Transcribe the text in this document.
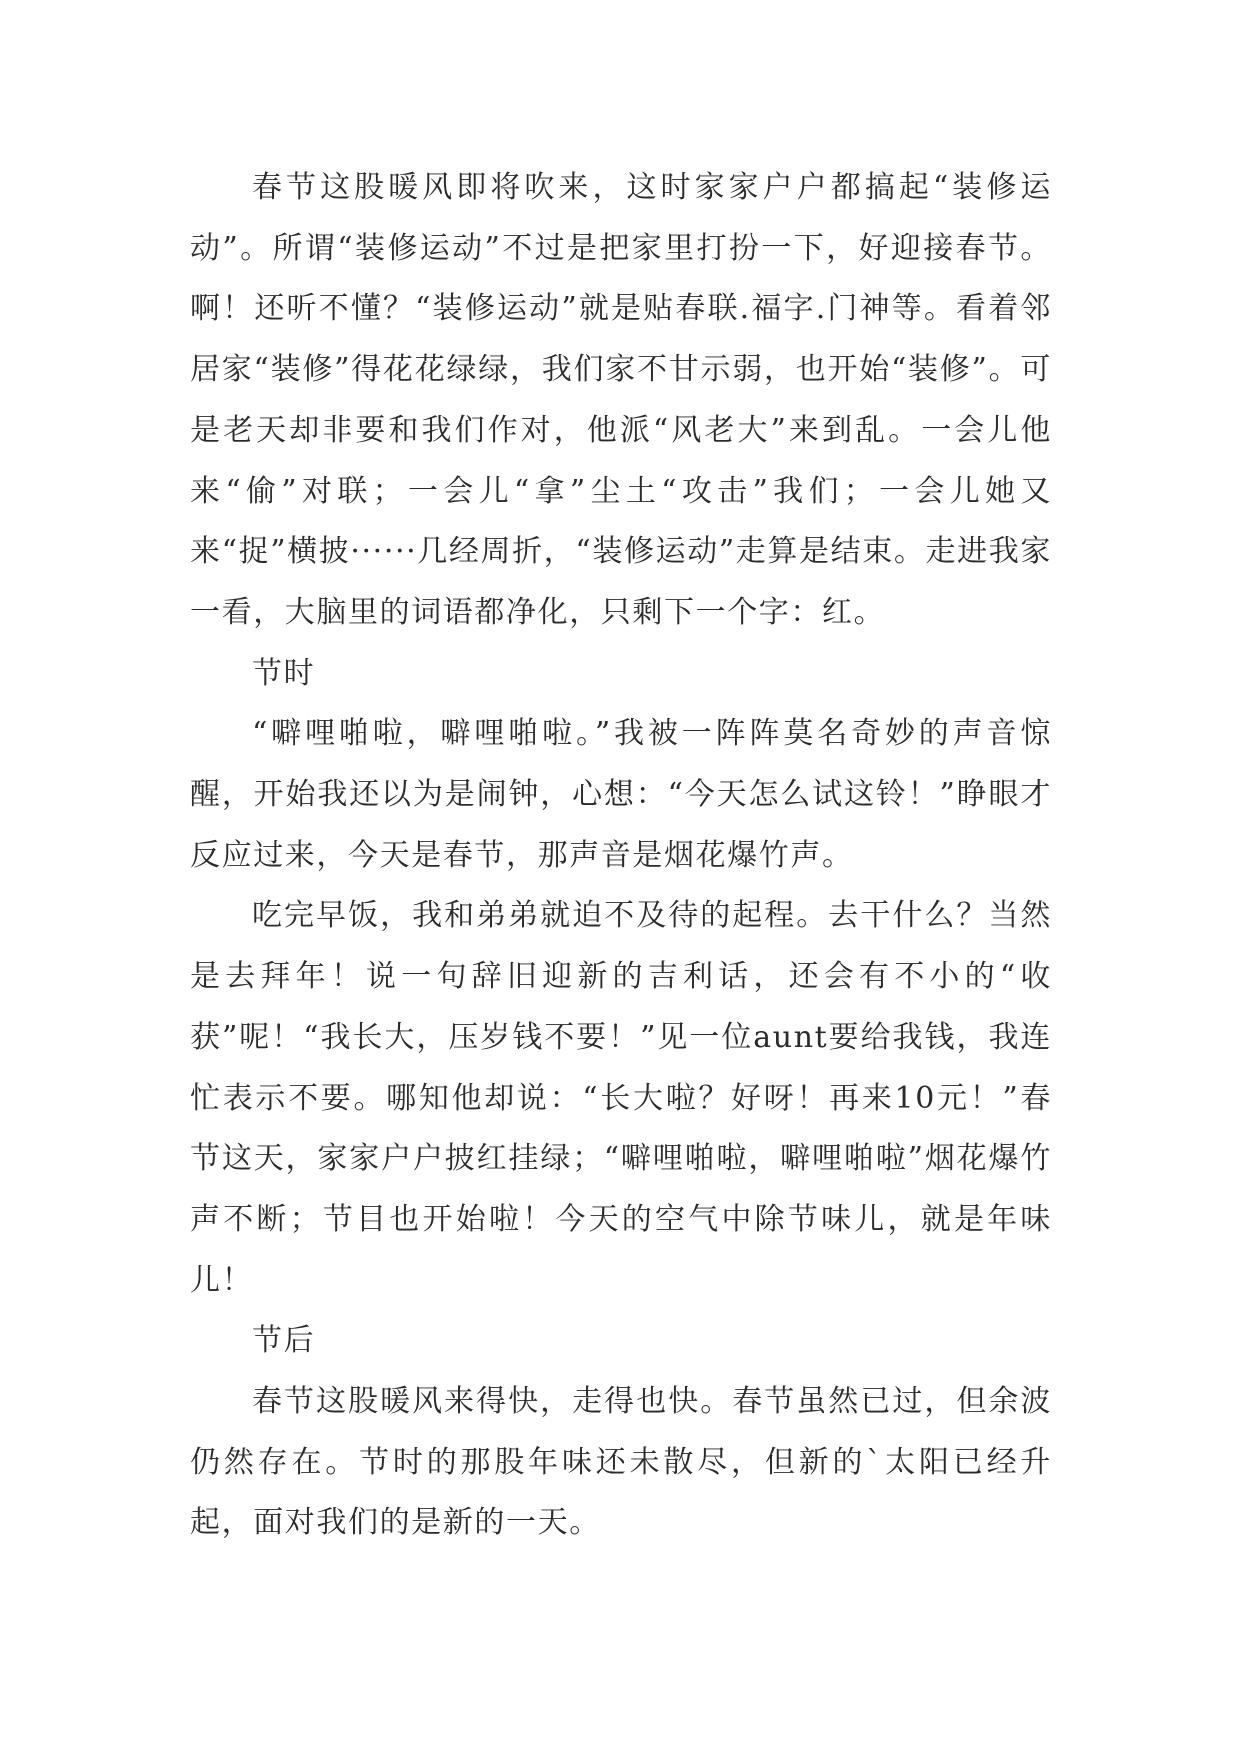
春节这股暖风即将吹来，这时家家户户都搞起“装修运动”。所谓“装修运动”不过是把家里打扮一下，好迎接春节。啊！还听不懂？“装修运动”就是贴春联.福字.门神等。看着邻居家“装修”得花花绿绿，我们家不甘示弱，也开始“装修”。可是老天却非要和我们作对，他派“风老大”来到乱。一会儿他来“偷”对联；一会儿“拿”尘土“攻击”我们；一会儿她又来“捉”横披······几经周折，“装修运动”走算是结束。走进我家一看，大脑里的词语都净化，只剩下一个字：红。

节时

“噼哩啪啦，噼哩啪啦。”我被一阵阵莫名奇妙的声音惊醒，开始我还以为是闹钟，心想：“今天怎么试这铃！”睁眼才反应过来，今天是春节，那声音是烟花爆竹声。

吃完早饭，我和弟弟就迫不及待的起程。去干什么？当然是去拜年！说一句辞旧迎新的吉利话，还会有不小的“收获”呢！“我长大，压岁钱不要！”见一位aunt要给我钱，我连忙表示不要。哪知他却说：“长大啦？好呀！再来10元！”春节这天，家家户户披红挂绿；“噼哩啪啦，噼哩啪啦”烟花爆竹声不断；节目也开始啦！今天的空气中除节味儿，就是年味儿！

节后

春节这股暖风来得快，走得也快。春节虽然已过，但余波仍然存在。节时的那股年味还未散尽，但新的`太阳已经升起，面对我们的是新的一天。
